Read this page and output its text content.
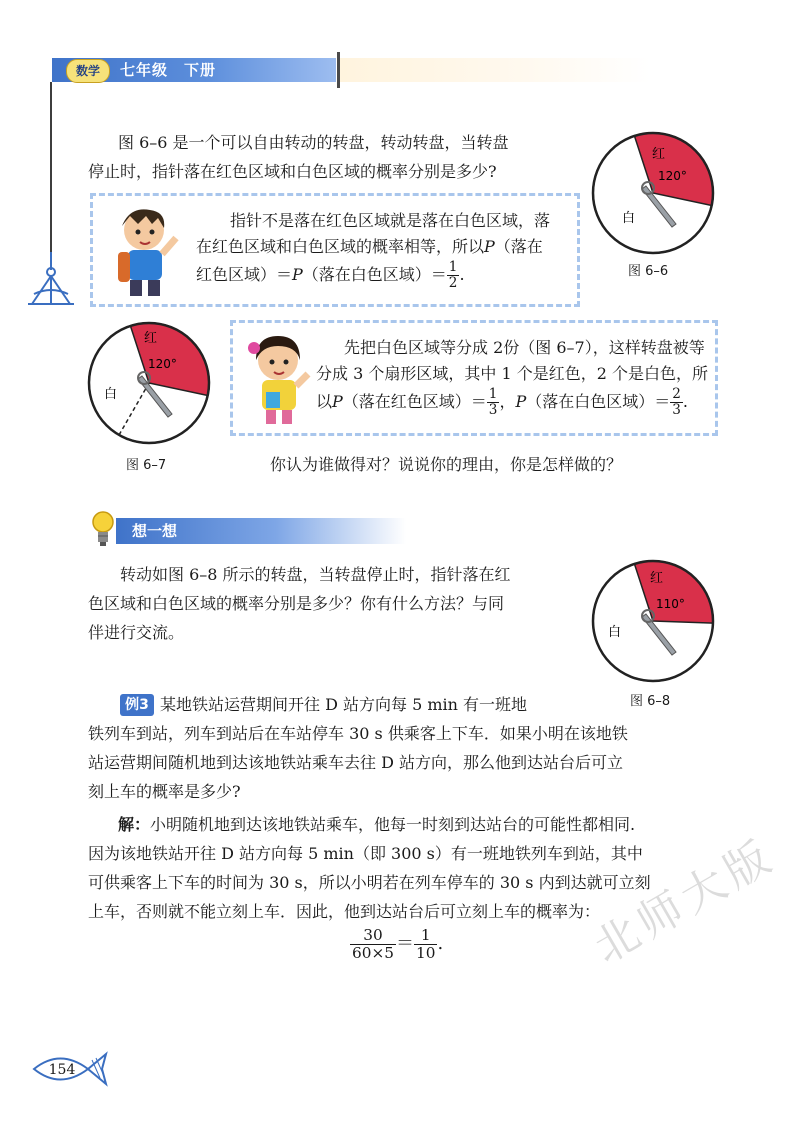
数学	七年级　下册

图 6–6 是一个可以自由转动的转盘，转动转盘，当转盘

停止时，指针落在红色区域和白色区域的概率分别是多少?

红
120°
白
图 6–6

指针不是落在红色区域就是落在白色区域，落

在红色区域和白色区域的概率相等，所以P（落在

红色区域）＝P（落在白色区域）＝ $\frac{1}{2}$ .

红
120°
白
图 6–7

先把白色区域等分成 2份（图 6–7），这样转盘被等

分成 3 个扇形区域，其中 1 个是红色，2 个是白色，所

以P（落在红色区域）＝ $\frac{1}{3}$ ，P（落在白色区域）＝ $\frac{2}{3}$ .

你认为谁做得对？说说你的理由，你是怎样做的？

想一想

转动如图 6–8 所示的转盘，当转盘停止时，指针落在红

色区域和白色区域的概率分别是多少？你有什么方法？与同

伴进行交流。

红
110°
白
图 6–8
例3 某地铁站运营期间开往 D 站方向每 5 min 有一班地

铁列车到站，列车到站后在车站停车 30 s 供乘客上下车．如果小明在该地铁

站运营期间随机地到达该地铁站乘车去往 D 站方向，那么他到达站台后可立

刻上车的概率是多少?

解：小明随机地到达该地铁站乘车，他每一时刻到达站台的可能性都相同.

因为该地铁站开往 D 站方向每 5 min（即 300 s）有一班地铁列车到站，其中

可供乘客上下车的时间为 30 s，所以小明若在列车停车的 30 s 内到达就可立刻

上车，否则就不能立刻上车．因此，他到达站台后可立刻上车的概率为：

$\frac{30}{60\times 5} = \frac{1}{10}$ .

154
北师大版
